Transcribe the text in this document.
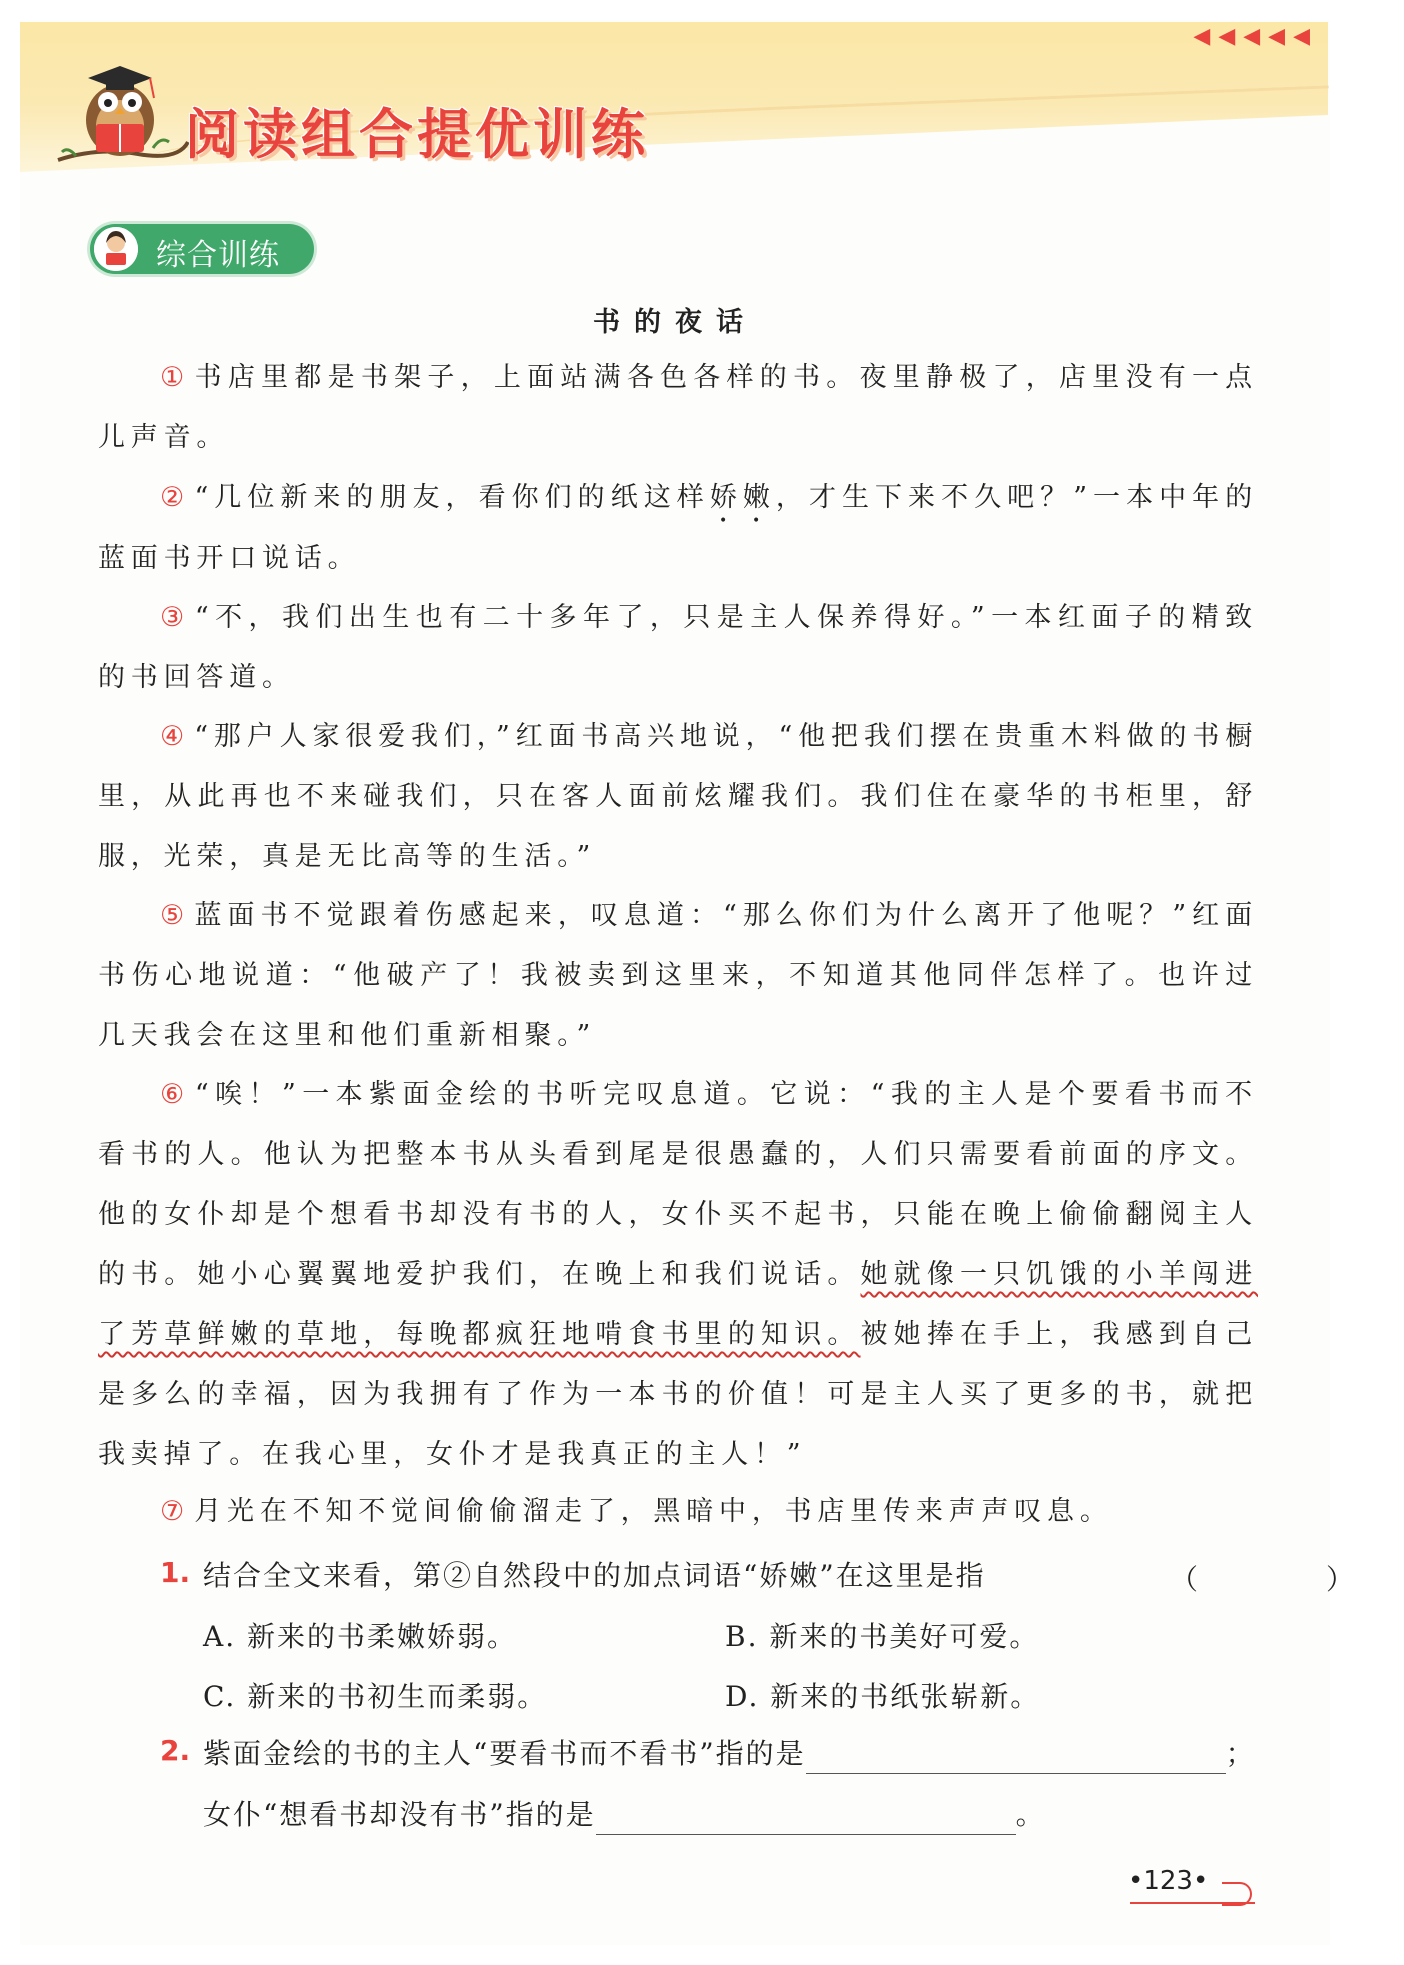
◀ ◀ ◀ ◀ ◀
阅读组合提优训练
综合训练
书的夜话
① 书店里都是书架子，上面站满各色各样的书。夜里静极了，店里没有一点儿声音。
② “几位新来的朋友，看你们的纸这样娇嫩，才生下来不久吧？”一本中年的蓝面书开口说话。
③ “不，我们出生也有二十多年了，只是主人保养得好。”一本红面子的精致的书回答道。
④ “那户人家很爱我们，”红面书高兴地说，“他把我们摆在贵重木料做的书橱里，从此再也不来碰我们，只在客人面前炫耀我们。我们住在豪华的书柜里，舒服，光荣，真是无比高等的生活。”
⑤ 蓝面书不觉跟着伤感起来，叹息道：“那么你们为什么离开了他呢？”红面书伤心地说道：“他破产了！我被卖到这里来，不知道其他同伴怎样了。也许过几天我会在这里和他们重新相聚。”
⑥ “唉！”一本紫面金绘的书听完叹息道。它说：“我的主人是个要看书而不看书的人。他认为把整本书从头看到尾是很愚蠢的，人们只需要看前面的序文。他的女仆却是个想看书却没有书的人，女仆买不起书，只能在晚上偷偷翻阅主人的书。她小心翼翼地爱护我们，在晚上和我们说话。她就像一只饥饿的小羊闯进了芳草鲜嫩的草地，每晚都疯狂地啃食书里的知识。被她捧在手上，我感到自己是多么的幸福，因为我拥有了作为一本书的价值！可是主人买了更多的书，就把我卖掉了。在我心里，女仆才是我真正的主人！”
⑦ 月光在不知不觉间偷偷溜走了，黑暗中，书店里传来声声叹息。
1. 结合全文来看，第②自然段中的加点词语“娇嫩”在这里是指	（　）
A. 新来的书柔嫩娇弱。	B. 新来的书美好可爱。
C. 新来的书初生而柔弱。	D. 新来的书纸张崭新。
2. 紫面金绘的书的主人“要看书而不看书”指的是	；
女仆“想看书却没有书”指的是	。
•123•
